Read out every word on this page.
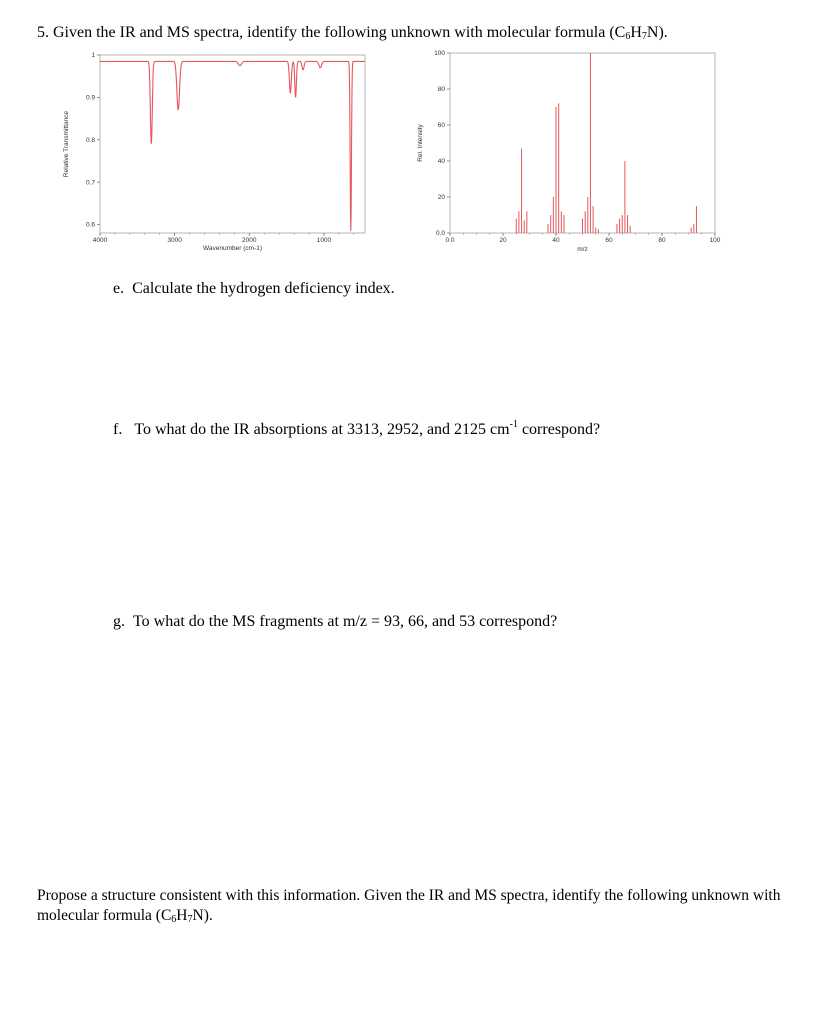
5. Given the IR and MS spectra, identify the following unknown with molecular formula $(C_6H_7N)$.
0.6
0.7
0.8
0.9
1
4000	3000	2000	1000
Wavenumber (cm-1)
Relative Transmittance
0.0
20
40
60
80
100
0.0	20	40	60	80	100
m/z
Rel. Intensity
e. Calculate the hydrogen deficiency index.
f. To what do the IR absorptions at 3313, 2952, and 2125 $cm^{-1}$ correspond?
g. To what do the MS fragments at m/z = 93, 66, and 53 correspond?
Propose a structure consistent with this information. Given the IR and MS spectra, identify the following unknown with molecular formula $(C_6H_7N)$.
